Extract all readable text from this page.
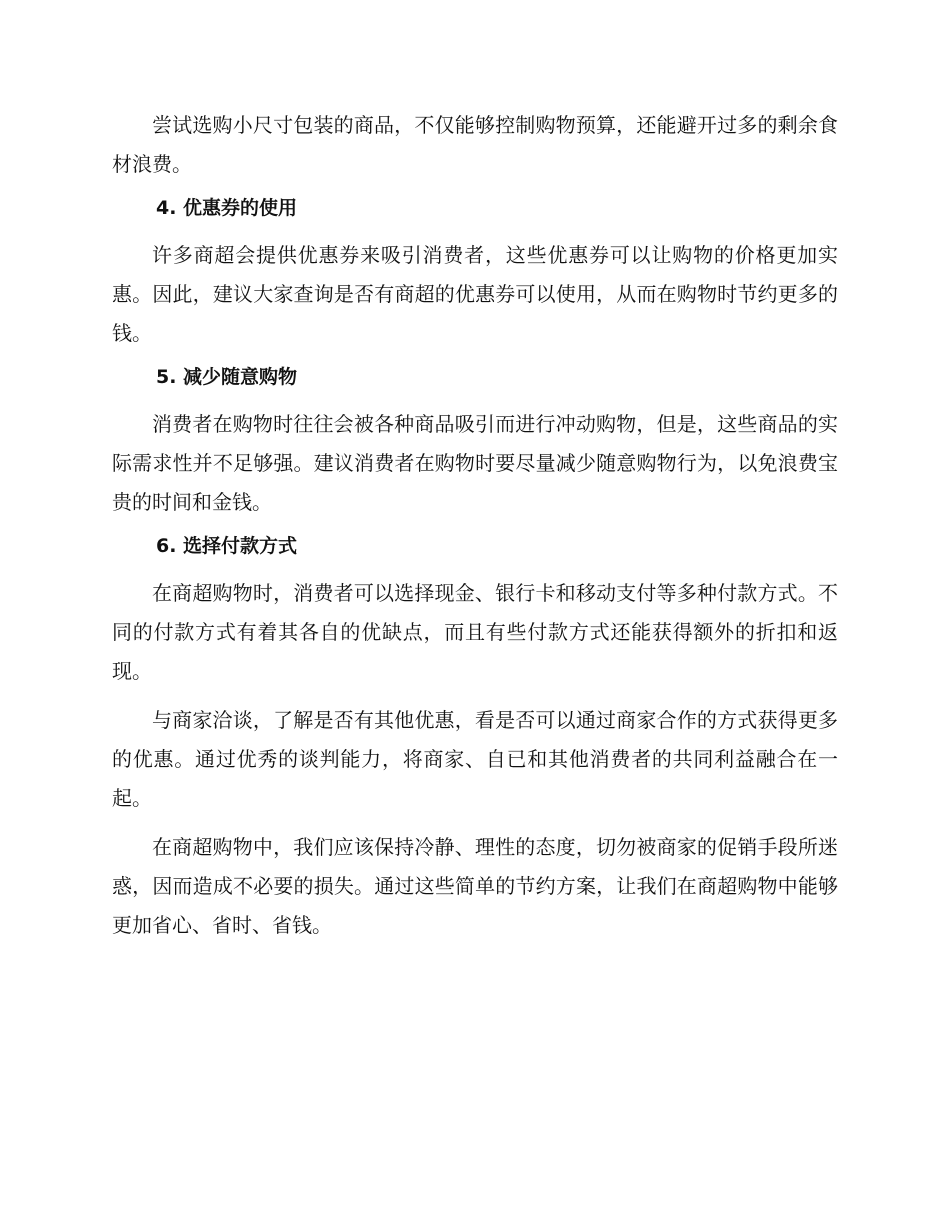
尝试选购小尺寸包装的商品，不仅能够控制购物预算，还能避开过多的剩余食材浪费。

4. 优惠券的使用

许多商超会提供优惠券来吸引消费者，这些优惠券可以让购物的价格更加实惠。因此，建议大家查询是否有商超的优惠券可以使用，从而在购物时节约更多的钱。

5. 减少随意购物

消费者在购物时往往会被各种商品吸引而进行冲动购物，但是，这些商品的实际需求性并不足够强。建议消费者在购物时要尽量减少随意购物行为，以免浪费宝贵的时间和金钱。

6. 选择付款方式

在商超购物时，消费者可以选择现金、银行卡和移动支付等多种付款方式。不同的付款方式有着其各自的优缺点，而且有些付款方式还能获得额外的折扣和返现。

与商家洽谈，了解是否有其他优惠，看是否可以通过商家合作的方式获得更多的优惠。通过优秀的谈判能力，将商家、自已和其他消费者的共同利益融合在一起。

在商超购物中，我们应该保持冷静、理性的态度，切勿被商家的促销手段所迷惑，因而造成不必要的损失。通过这些简单的节约方案，让我们在商超购物中能够更加省心、省时、省钱。
